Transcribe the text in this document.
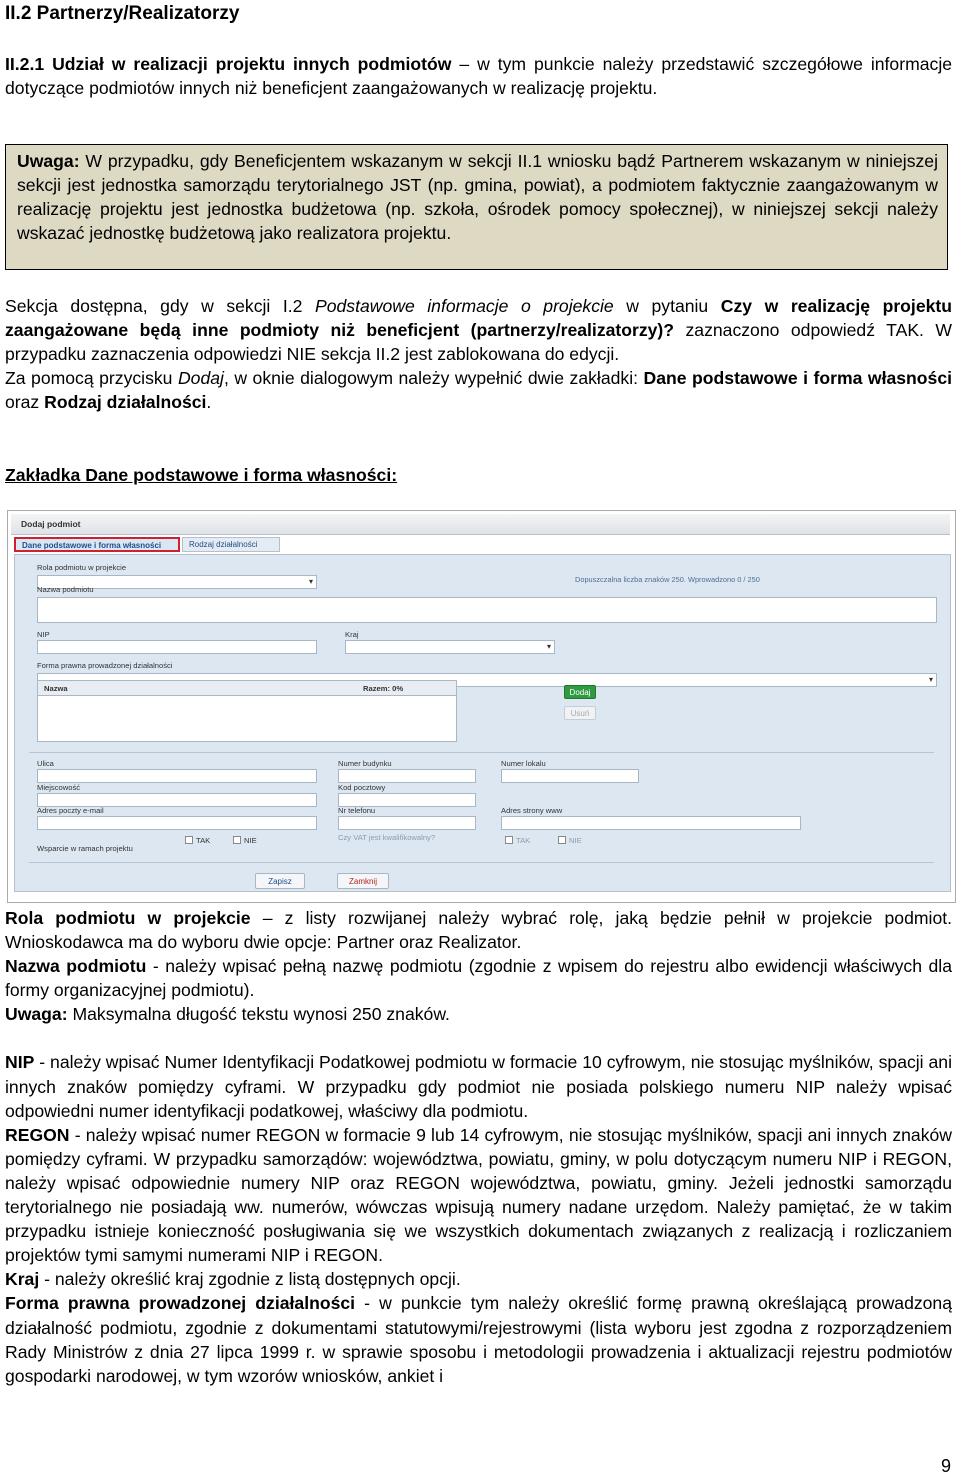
II.2 Partnerzy/Realizatorzy

II.2.1 Udział w realizacji projektu innych podmiotów – w tym punkcie należy przedstawić szczegółowe informacje dotyczące podmiotów innych niż beneficjent zaangażowanych w realizację projektu.

Uwaga: W przypadku, gdy Beneficjentem wskazanym w sekcji II.1 wniosku bądź Partnerem wskazanym w niniejszej sekcji jest jednostka samorządu terytorialnego JST (np. gmina, powiat), a podmiotem faktycznie zaangażowanym w realizację projektu jest jednostka budżetowa (np. szkoła, ośrodek pomocy społecznej), w niniejszej sekcji należy wskazać jednostkę budżetową jako realizatora projektu.

Sekcja dostępna, gdy w sekcji I.2 Podstawowe informacje o projekcie w pytaniu Czy w realizację projektu zaangażowane będą inne podmioty niż beneficjent (partnerzy/realizatorzy)? zaznaczono odpowiedź TAK. W przypadku zaznaczenia odpowiedzi NIE sekcja II.2 jest zablokowana do edycji.

Za pomocą przycisku Dodaj, w oknie dialogowym należy wypełnić dwie zakładki: Dane podstawowe i forma własności oraz Rodzaj działalności.

Zakładka Dane podstawowe i forma własności:
Dodaj podmiot
Dane podstawowe i forma własności	Rodzaj działalności
Rola podmiotu w projekcie
▾	Dopuszczalna liczba znaków 250. Wprowadzono 0 / 250
Nazwa podmiotu
NIP	Kraj
▾
Forma prawna prowadzonej działalności
▾
Nazwa	Razem: 0%	Dodaj
Usuń
Ulica	Numer budynku	Numer lokalu
Miejscowość	Kod pocztowy
Adres poczty e-mail	Nr telefonu	Adres strony www
Wsparcie w ramach projektu
TAK	NIE	Czy VAT jest kwalifikowalny?	TAK	NIE
Zapisz	Zamknij

Rola podmiotu w projekcie – z listy rozwijanej należy wybrać rolę, jaką będzie pełnił w projekcie podmiot. Wnioskodawca ma do wyboru dwie opcje: Partner oraz Realizator.

Nazwa podmiotu - należy wpisać pełną nazwę podmiotu (zgodnie z wpisem do rejestru albo ewidencji właściwych dla formy organizacyjnej podmiotu).

Uwaga: Maksymalna długość tekstu wynosi 250 znaków.

NIP - należy wpisać Numer Identyfikacji Podatkowej podmiotu w formacie 10 cyfrowym, nie stosując myślników, spacji ani innych znaków pomiędzy cyframi. W przypadku gdy podmiot nie posiada polskiego numeru NIP należy wpisać odpowiedni numer identyfikacji podatkowej, właściwy dla podmiotu.

REGON - należy wpisać numer REGON w formacie 9 lub 14 cyfrowym, nie stosując myślników, spacji ani innych znaków pomiędzy cyframi. W przypadku samorządów: województwa, powiatu, gminy, w polu dotyczącym numeru NIP i REGON, należy wpisać odpowiednie numery NIP oraz REGON województwa, powiatu, gminy. Jeżeli jednostki samorządu terytorialnego nie posiadają ww. numerów, wówczas wpisują numery nadane urzędom. Należy pamiętać, że w takim przypadku istnieje konieczność posługiwania się we wszystkich dokumentach związanych z realizacją i rozliczaniem projektów tymi samymi numerami NIP i REGON.

Kraj - należy określić kraj zgodnie z listą dostępnych opcji.

Forma prawna prowadzonej działalności - w punkcie tym należy określić formę prawną określającą prowadzoną działalność podmiotu, zgodnie z dokumentami statutowymi/rejestrowymi (lista wyboru jest zgodna z rozporządzeniem Rady Ministrów z dnia 27 lipca 1999 r. w sprawie sposobu i metodologii prowadzenia i aktualizacji rejestru podmiotów gospodarki narodowej, w tym wzorów wniosków, ankiet i

9
